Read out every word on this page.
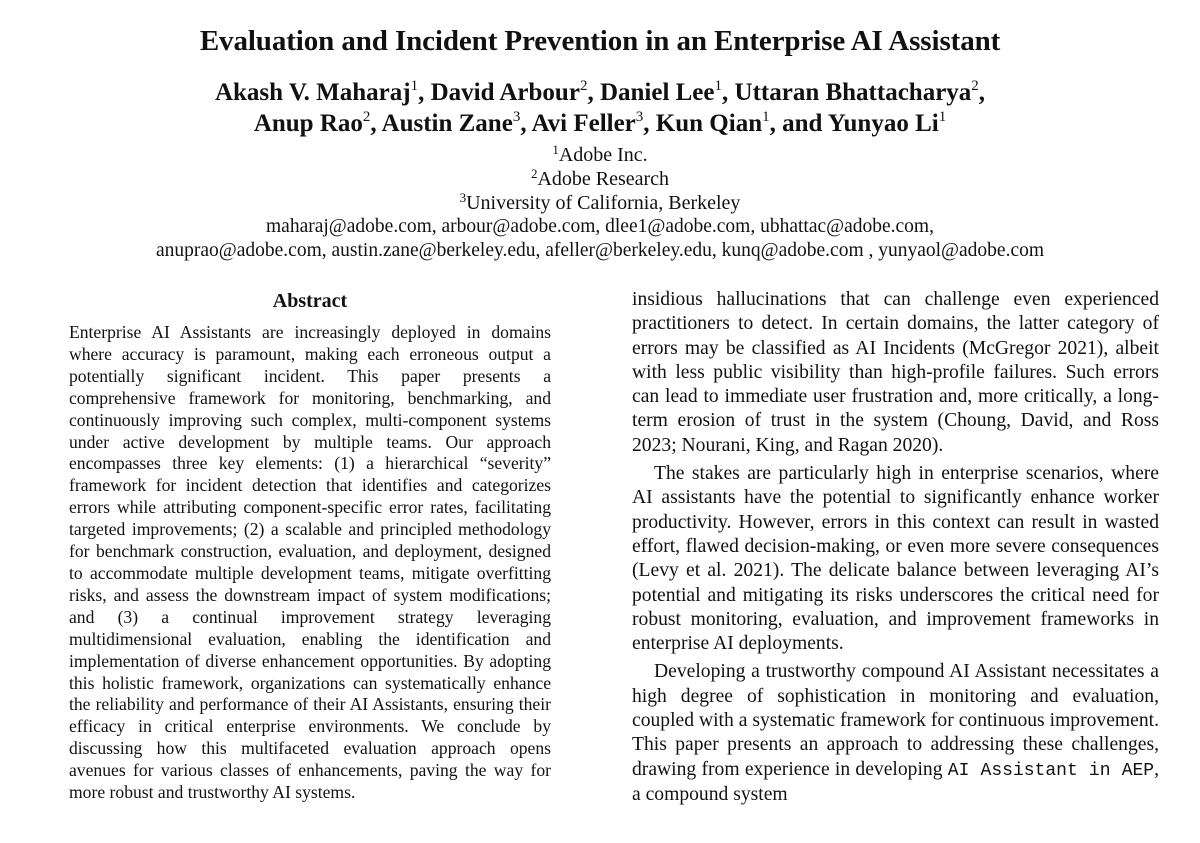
Evaluation and Incident Prevention in an Enterprise AI Assistant
Akash V. Maharaj$^1$, David Arbour$^2$, Daniel Lee$^1$, Uttaran Bhattacharya$^2$,
Anup Rao$^2$, Austin Zane$^3$, Avi Feller$^3$, Kun Qian$^1$, and Yunyao Li$^1$
$^1$Adobe Inc.
$^2$Adobe Research
$^3$University of California, Berkeley
maharaj@adobe.com, arbour@adobe.com, dlee1@adobe.com, ubhattac@adobe.com,
anuprao@adobe.com, austin.zane@berkeley.edu, afeller@berkeley.edu, kunq@adobe.com , yunyaol@adobe.com
Abstract

Enterprise AI Assistants are increasingly deployed in domains where accuracy is paramount, making each erroneous output a potentially significant incident. This paper presents a comprehensive framework for monitoring, benchmarking, and continuously improving such complex, multi-component systems under active development by multiple teams. Our approach encompasses three key elements: (1) a hierarchical “severity” framework for incident detection that identifies and categorizes errors while attributing component-specific error rates, facilitating targeted improvements; (2) a scalable and principled methodology for benchmark construction, evaluation, and deployment, designed to accommodate multiple development teams, mitigate overfitting risks, and assess the downstream impact of system modifications; and (3) a continual improvement strategy leveraging multidimensional evaluation, enabling the identification and implementation of diverse enhancement opportunities. By adopting this holistic framework, organizations can systematically enhance the reliability and performance of their AI Assistants, ensuring their efficacy in critical enterprise environments. We conclude by discussing how this multifaceted evaluation approach opens avenues for various classes of enhancements, paving the way for more robust and trustworthy AI systems.

insidious hallucinations that can challenge even experienced practitioners to detect. In certain domains, the latter category of errors may be classified as AI Incidents (McGregor 2021), albeit with less public visibility than high-profile failures. Such errors can lead to immediate user frustration and, more critically, a long-term erosion of trust in the system (Choung, David, and Ross 2023; Nourani, King, and Ragan 2020).

The stakes are particularly high in enterprise scenarios, where AI assistants have the potential to significantly enhance worker productivity. However, errors in this context can result in wasted effort, flawed decision-making, or even more severe consequences (Levy et al. 2021). The delicate balance between leveraging AI’s potential and mitigating its risks underscores the critical need for robust monitoring, evaluation, and improvement frameworks in enterprise AI deployments.

Developing a trustworthy compound AI Assistant necessitates a high degree of sophistication in monitoring and evaluation, coupled with a systematic framework for continuous improvement. This paper presents an approach to addressing these challenges, drawing from experience in developing AI Assistant in AEP, a compound system
